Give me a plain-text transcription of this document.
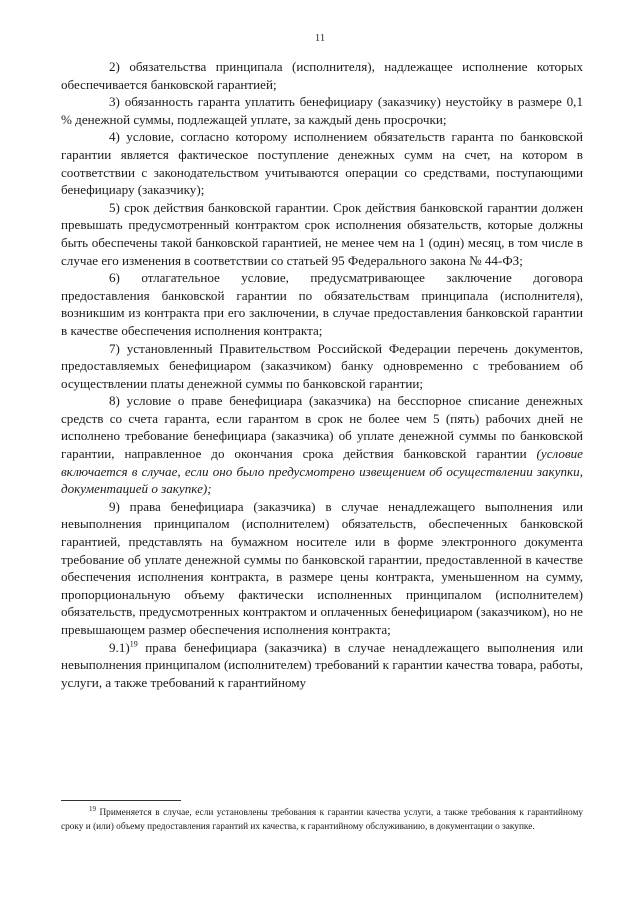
11

2) обязательства принципала (исполнителя), надлежащее исполнение которых обеспечивается банковской гарантией;

3) обязанность гаранта уплатить бенефициару (заказчику) неустойку в размере 0,1 % денежной суммы, подлежащей уплате, за каждый день просрочки;

4) условие, согласно которому исполнением обязательств гаранта по банковской гарантии является фактическое поступление денежных сумм на счет, на котором в соответствии с законодательством учитываются операции со средствами, поступающими бенефициару (заказчику);

5) срок действия банковской гарантии. Срок действия банковской гарантии должен превышать предусмотренный контрактом срок исполнения обязательств, которые должны быть обеспечены такой банковской гарантией, не менее чем на 1 (один) месяц, в том числе в случае его изменения в соответствии со статьей 95 Федерального закона № 44-ФЗ;

6) отлагательное условие, предусматривающее заключение договора предоставления банковской гарантии по обязательствам принципала (исполнителя), возникшим из контракта при его заключении, в случае предоставления банковской гарантии в качестве обеспечения исполнения контракта;

7) установленный Правительством Российской Федерации перечень документов, предоставляемых бенефициаром (заказчиком) банку одновременно с требованием об осуществлении платы денежной суммы по банковской гарантии;

8) условие о праве бенефициара (заказчика) на бесспорное списание денежных средств со счета гаранта, если гарантом в срок не более чем 5 (пять) рабочих дней не исполнено требование бенефициара (заказчика) об уплате денежной суммы по банковской гарантии, направленное до окончания срока действия банковской гарантии (условие включается в случае, если оно было предусмотрено извещением об осуществлении закупки, документацией о закупке);

9) права бенефициара (заказчика) в случае ненадлежащего выполнения или невыполнения принципалом (исполнителем) обязательств, обеспеченных банковской гарантией, представлять на бумажном носителе или в форме электронного документа требование об уплате денежной суммы по банковской гарантии, предоставленной в качестве обеспечения исполнения контракта, в размере цены контракта, уменьшенном на сумму, пропорциональную объему фактически исполненных принципалом (исполнителем) обязательств, предусмотренных контрактом и оплаченных бенефициаром (заказчиком), но не превышающем размер обеспечения исполнения контракта;

9.1)$^{19}$ права бенефициара (заказчика) в случае ненадлежащего выполнения или невыполнения принципалом (исполнителем) требований к гарантии качества товара, работы, услуги, а также требований к гарантийному

$^{19}$ Применяется в случае, если установлены требования к гарантии качества услуги, а также требования к гарантийному сроку и (или) объему предоставления гарантий их качества, к гарантийному обслуживанию, в документации о закупке.
